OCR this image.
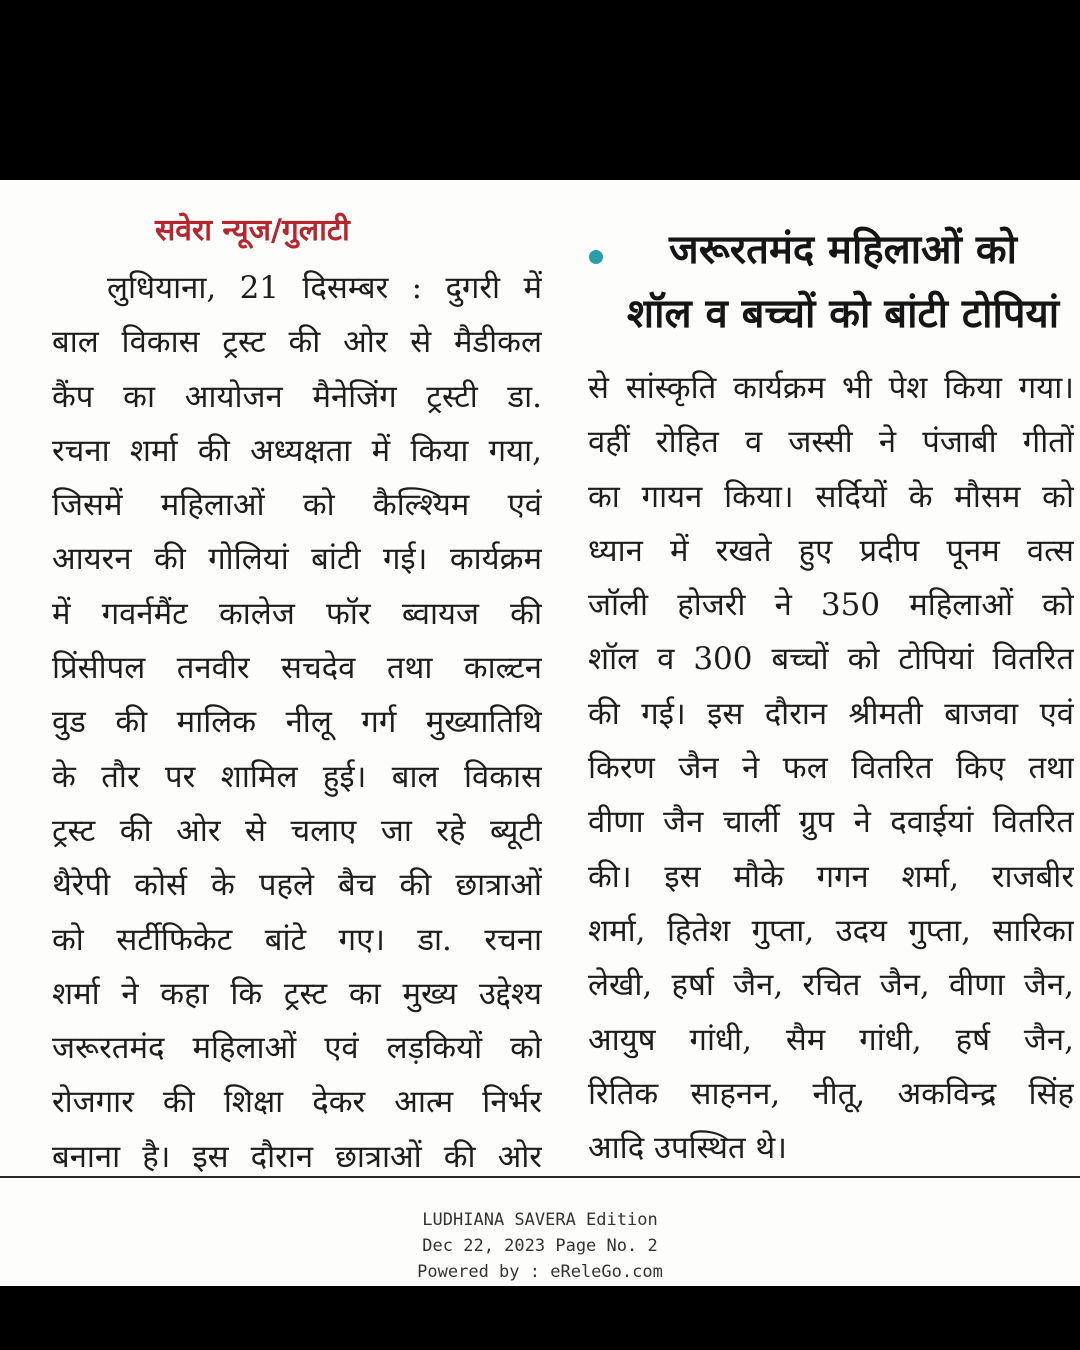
सवेरा न्यूज/गुलाटी
लुधियाना, 21 दिसम्बर : दुगरी में
बाल विकास ट्रस्ट की ओर से मैडीकल
कैंप का आयोजन मैनेजिंग ट्रस्टी डा.
रचना शर्मा की अध्यक्षता में किया गया,
जिसमें महिलाओं को कैल्श्यिम एवं
आयरन की गोलियां बांटी गई। कार्यक्रम
में गवर्नमैंट कालेज फॉर ब्वायज की
प्रिंसीपल तनवीर सचदेव तथा काल्र्टन
वुड की मालिक नीलू गर्ग मुख्यातिथि
के तौर पर शामिल हुई। बाल विकास
ट्रस्ट की ओर से चलाए जा रहे ब्यूटी
थैरेपी कोर्स के पहले बैच की छात्राओं
को सर्टीफिकेट बांटे गए। डा. रचना
शर्मा ने कहा कि ट्रस्ट का मुख्य उद्देश्य
जरूरतमंद महिलाओं एवं लड़कियों को
रोजगार की शिक्षा देकर आत्म निर्भर
बनाना है। इस दौरान छात्राओं की ओर
जरूरतमंद महिलाओं को
शॉल व बच्चों को बांटी टोपियां
से सांस्कृति कार्यक्रम भी पेश किया गया।
वहीं रोहित व जस्सी ने पंजाबी गीतों
का गायन किया। सर्दियों के मौसम को
ध्यान में रखते हुए प्रदीप पूनम वत्स
जॉली होजरी ने 350 महिलाओं को
शॉल व 300 बच्चों को टोपियां वितरित
की गई। इस दौरान श्रीमती बाजवा एवं
किरण जैन ने फल वितरित किए तथा
वीणा जैन चार्ली ग्रुप ने दवाईयां वितरित
की। इस मौके गगन शर्मा, राजबीर
शर्मा, हितेश गुप्ता, उदय गुप्ता, सारिका
लेखी, हर्षा जैन, रचित जैन, वीणा जैन,
आयुष गांधी, सैम गांधी, हर्ष जैन,
रितिक साहनन, नीतू, अकविन्द्र सिंह
आदि उपस्थित थे।
LUDHIANA SAVERA Edition
Dec 22, 2023 Page No. 2
Powered by : eReleGo.com
